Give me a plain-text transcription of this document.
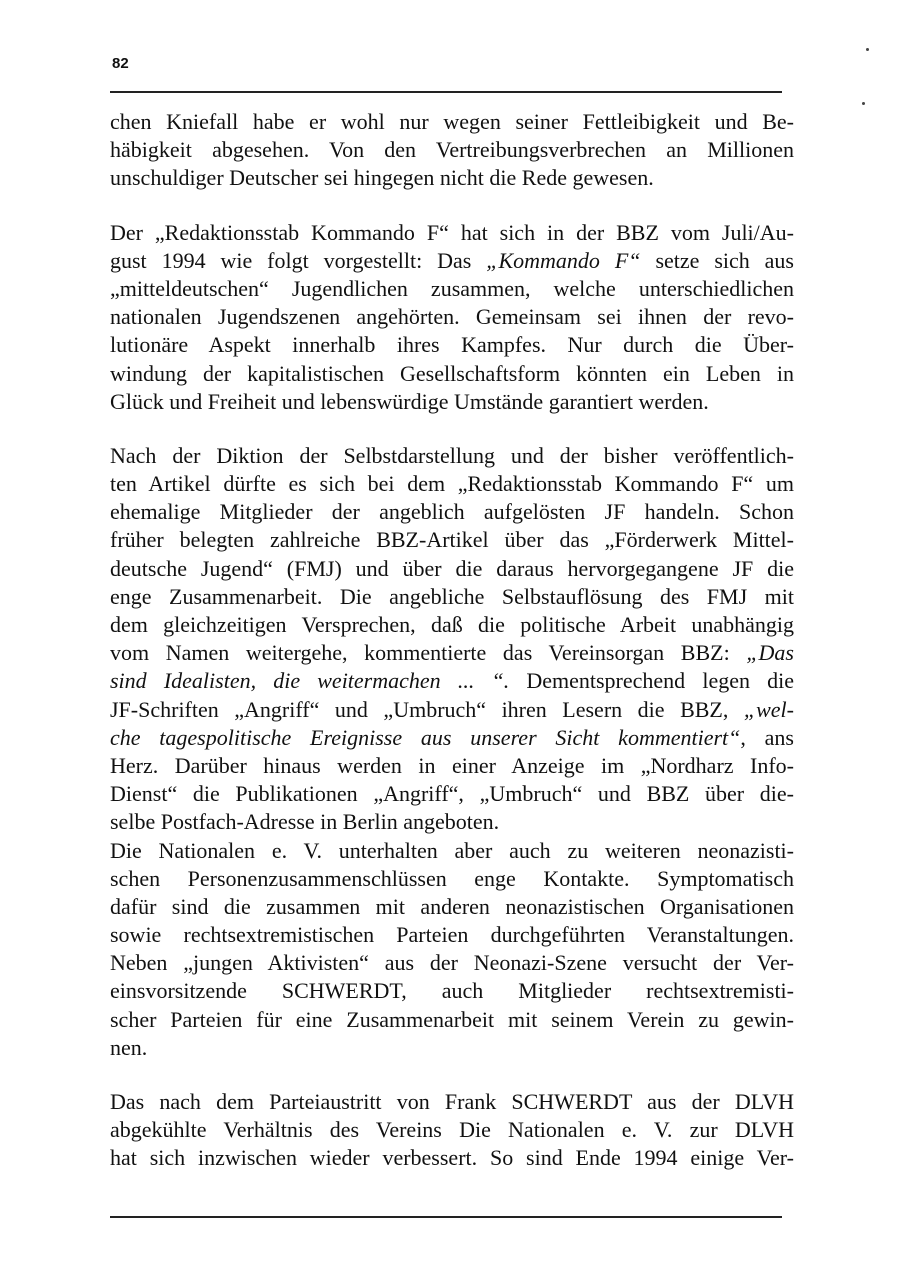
82
chen Kniefall habe er wohl nur wegen seiner Fettleibigkeit und Be-
häbigkeit abgesehen. Von den Vertreibungsverbrechen an Millionen
unschuldiger Deutscher sei hingegen nicht die Rede gewesen.
Der „Redaktionsstab Kommando F“ hat sich in der BBZ vom Juli/Au-
gust 1994 wie folgt vorgestellt: Das „Kommando F“ setze sich aus
„mitteldeutschen“ Jugendlichen zusammen, welche unterschiedlichen
nationalen Jugendszenen angehörten. Gemeinsam sei ihnen der revo-
lutionäre Aspekt innerhalb ihres Kampfes. Nur durch die Über-
windung der kapitalistischen Gesellschaftsform könnten ein Leben in
Glück und Freiheit und lebenswürdige Umstände garantiert werden.
Nach der Diktion der Selbstdarstellung und der bisher veröffentlich-
ten Artikel dürfte es sich bei dem „Redaktionsstab Kommando F“ um
ehemalige Mitglieder der angeblich aufgelösten JF handeln. Schon
früher belegten zahlreiche BBZ-Artikel über das „Förderwerk Mittel-
deutsche Jugend“ (FMJ) und über die daraus hervorgegangene JF die
enge Zusammenarbeit. Die angebliche Selbstauflösung des FMJ mit
dem gleichzeitigen Versprechen, daß die politische Arbeit unabhängig
vom Namen weitergehe, kommentierte das Vereinsorgan BBZ: „Das
sind Idealisten, die weitermachen ... “. Dementsprechend legen die
JF-Schriften „Angriff“ und „Umbruch“ ihren Lesern die BBZ, „wel-
che tagespolitische Ereignisse aus unserer Sicht kommentiert“, ans
Herz. Darüber hinaus werden in einer Anzeige im „Nordharz Info-
Dienst“ die Publikationen „Angriff“, „Umbruch“ und BBZ über die-
selbe Postfach-Adresse in Berlin angeboten.
Die Nationalen e. V. unterhalten aber auch zu weiteren neonazisti-
schen Personenzusammenschlüssen enge Kontakte. Symptomatisch
dafür sind die zusammen mit anderen neonazistischen Organisationen
sowie rechtsextremistischen Parteien durchgeführten Veranstaltungen.
Neben „jungen Aktivisten“ aus der Neonazi-Szene versucht der Ver-
einsvorsitzende SCHWERDT, auch Mitglieder rechtsextremisti-
scher Parteien für eine Zusammenarbeit mit seinem Verein zu gewin-
nen.
Das nach dem Parteiaustritt von Frank SCHWERDT aus der DLVH
abgekühlte Verhältnis des Vereins Die Nationalen e. V. zur DLVH
hat sich inzwischen wieder verbessert. So sind Ende 1994 einige Ver-
